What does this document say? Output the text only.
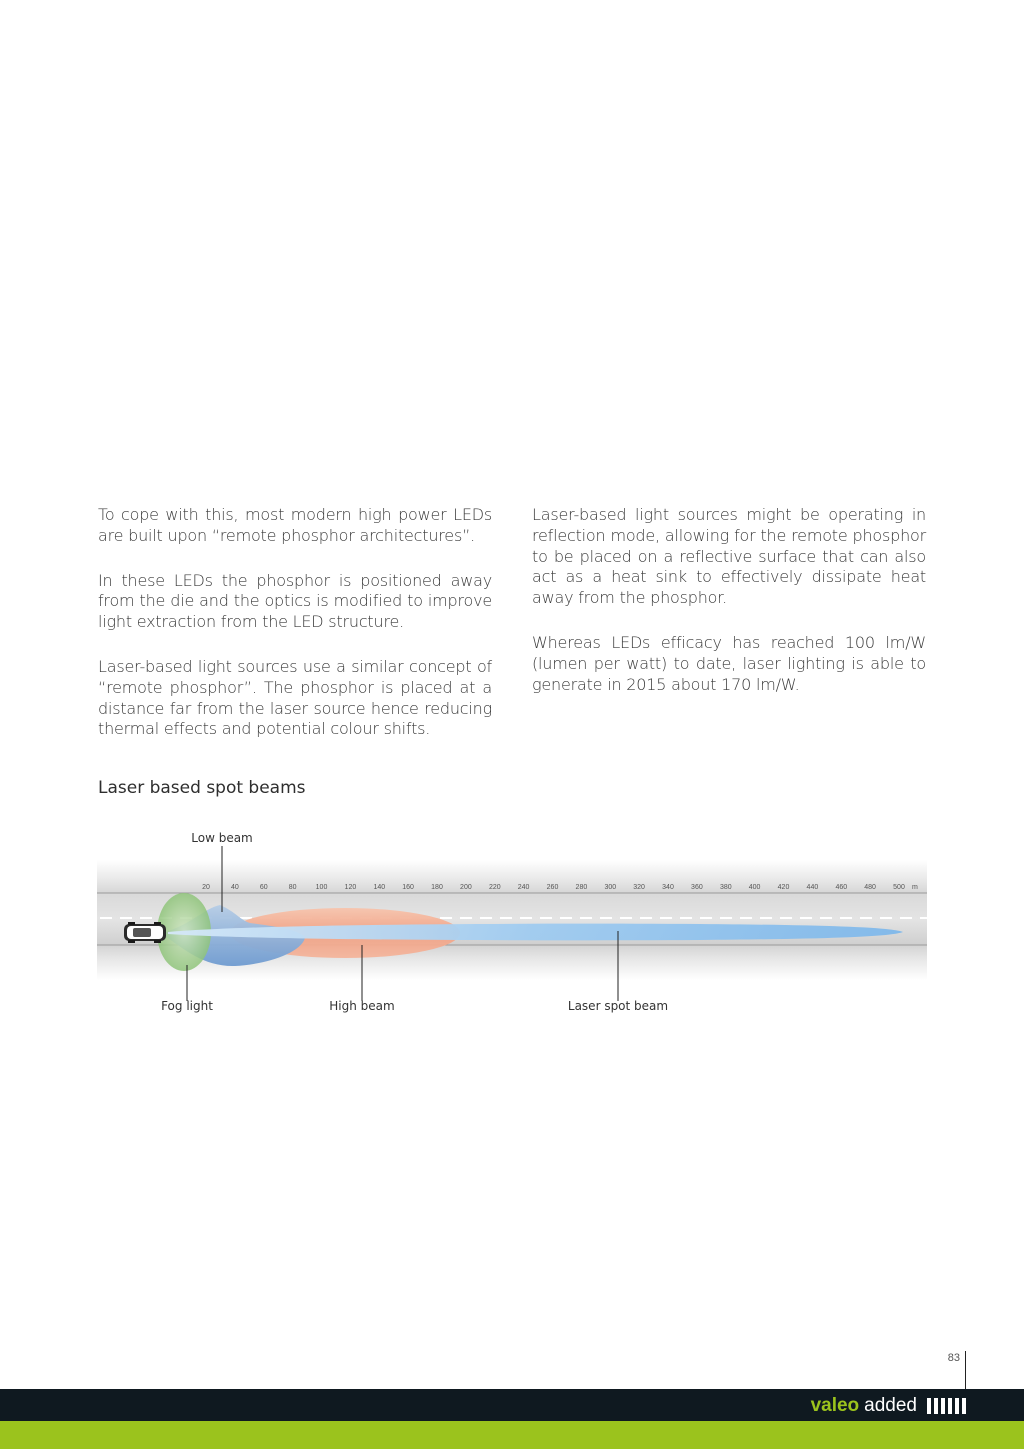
To cope with this, most modern high power LEDs are built upon “remote phosphor architectures”.

In these LEDs the phosphor is positioned away from the die and the optics is modified to improve light extraction from the LED structure.

Laser-based light sources use a similar concept of “remote phosphor”. The phosphor is placed at a distance far from the laser source hence reducing thermal effects and potential colour shifts.

Laser-based light sources might be operating in reflection mode, allowing for the remote phosphor to be placed on a reflective surface that can also act as a heat sink to effectively dissipate heat away from the phosphor.

Whereas LEDs efficacy has reached 100 lm/W (lumen per watt) to date, laser lighting is able to generate in 2015 about 170 lm/W.

Laser based spot beams
20	40	60	80	100 120 140 160 180 200 220 240 260 280 300 320 340 360 380 400 420 440 460 480 500 m
Low beam
Fog light	High beam	Laser spot beam
83
valeo added
